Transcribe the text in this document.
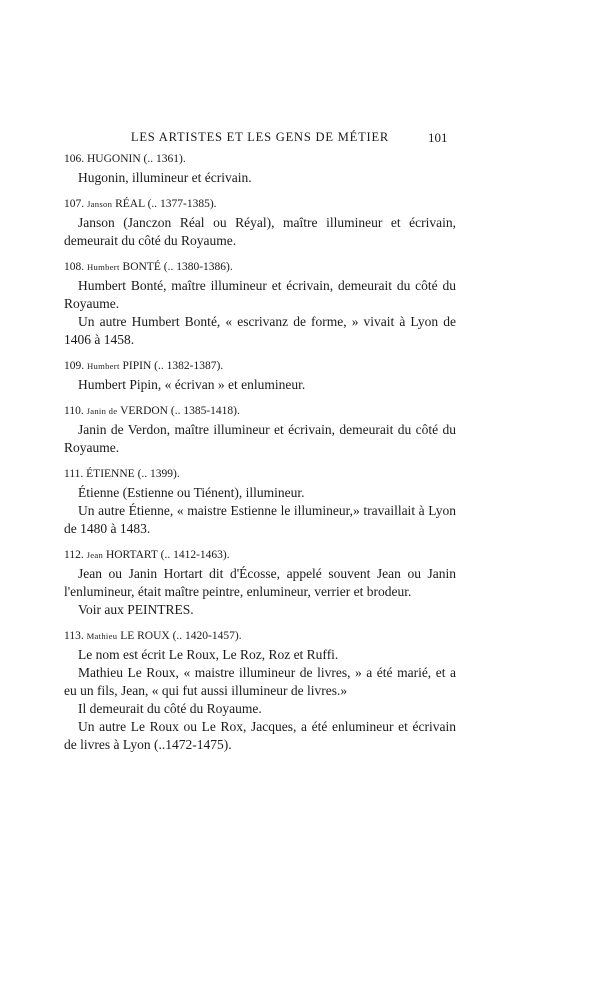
LES ARTISTES ET LES GENS DE MÉTIER	101
106. HUGONIN (.. 1361).

Hugonin, illumineur et écrivain.

107. Janson RÉAL (.. 1377-1385).

Janson (Janczon Réal ou Réyal), maître illumineur et écrivain, demeurait du côté du Royaume.

108. Humbert BONTÉ (.. 1380-1386).

Humbert Bonté, maître illumineur et écrivain, demeurait du côté du Royaume.

Un autre Humbert Bonté, « escrivanz de forme, » vivait à Lyon de 1406 à 1458.

109. Humbert PIPIN (.. 1382-1387).

Humbert Pipin, « écrivan » et enlumineur.

110. Janin de VERDON (.. 1385-1418).

Janin de Verdon, maître illumineur et écrivain, demeurait du côté du Royaume.

111. ÉTIENNE (.. 1399).

Étienne (Estienne ou Tiénent), illumineur.

Un autre Étienne, « maistre Estienne le illumineur,» travaillait à Lyon de 1480 à 1483.

112. Jean HORTART (.. 1412-1463).

Jean ou Janin Hortart dit d'Écosse, appelé souvent Jean ou Janin l'enlumineur, était maître peintre, enlumineur, verrier et brodeur.

Voir aux PEINTRES.

113. Mathieu LE ROUX (.. 1420-1457).

Le nom est écrit Le Roux, Le Roz, Roz et Ruffi.

Mathieu Le Roux, « maistre illumineur de livres, » a été marié, et a eu un fils, Jean, « qui fut aussi illumineur de livres.»

Il demeurait du côté du Royaume.

Un autre Le Roux ou Le Rox, Jacques, a été enlumineur et écrivain de livres à Lyon (..1472-1475).
